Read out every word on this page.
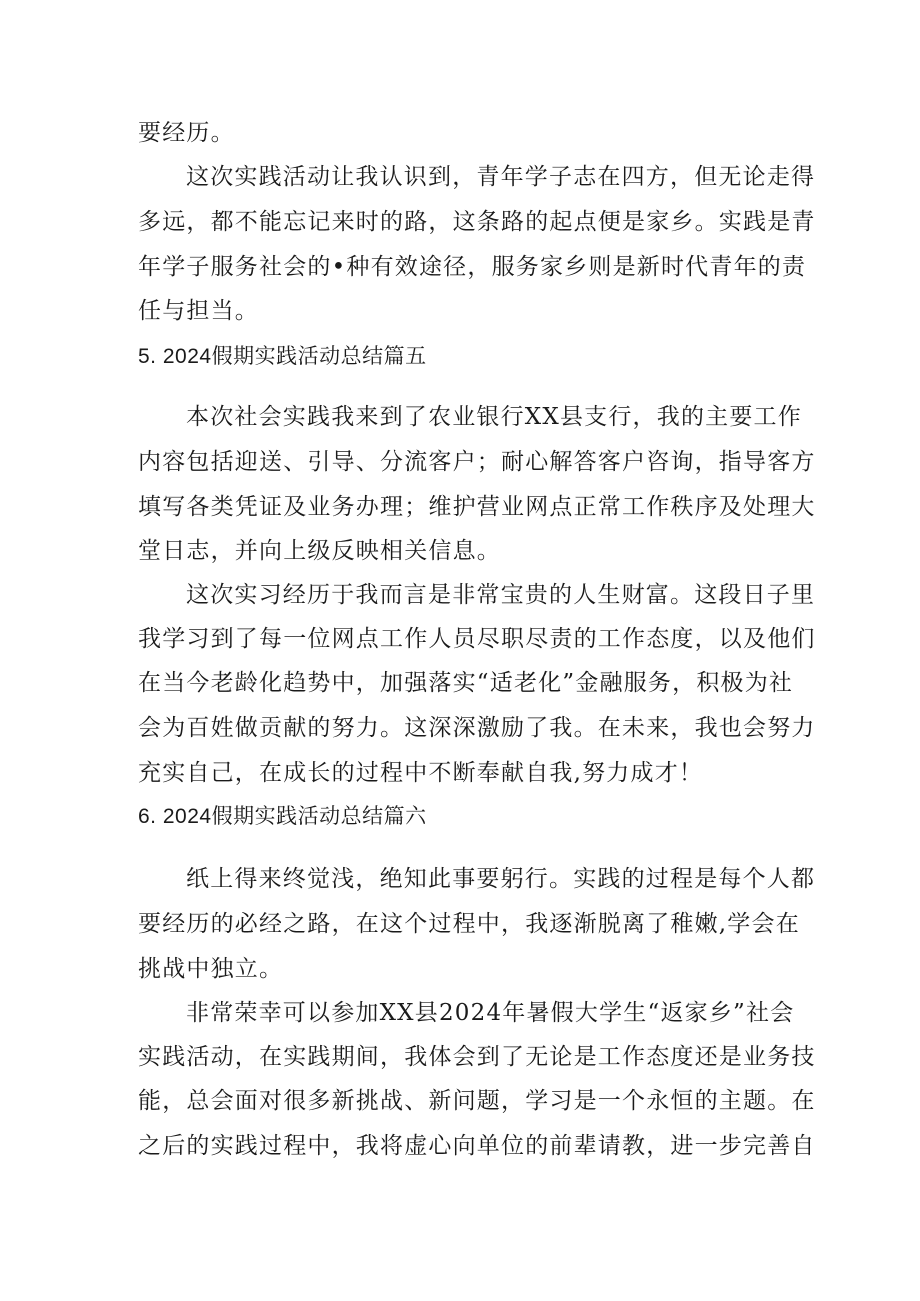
要经历。
这次实践活动让我认识到，青年学子志在四方，但无论走得
多远，都不能忘记来时的路，这条路的起点便是家乡。实践是青
年学子服务社会的•种有效途径，服务家乡则是新时代青年的责
任与担当。
5. 2024假期实践活动总结篇五
本次社会实践我来到了农业银行XX县支行，我的主要工作
内容包括迎送、引导、分流客户；耐心解答客户咨询，指导客方
填写各类凭证及业务办理；维护营业网点正常工作秩序及处理大
堂日志，并向上级反映相关信息。
这次实习经历于我而言是非常宝贵的人生财富。这段日子里
我学习到了每一位网点工作人员尽职尽责的工作态度，以及他们
在当今老龄化趋势中，加强落实“适老化”金融服务，积极为社
会为百姓做贡献的努力。这深深激励了我。在未来，我也会努力
充实自己，在成长的过程中不断奉献自我,努力成才！
6. 2024假期实践活动总结篇六
纸上得来终觉浅，绝知此事要躬行。实践的过程是每个人都
要经历的必经之路，在这个过程中，我逐渐脱离了稚嫩,学会在
挑战中独立。
非常荣幸可以参加XX县2024年暑假大学生“返家乡”社会
实践活动，在实践期间，我体会到了无论是工作态度还是业务技
能，总会面对很多新挑战、新问题，学习是一个永恒的主题。在
之后的实践过程中，我将虚心向单位的前辈请教，进一步完善自
